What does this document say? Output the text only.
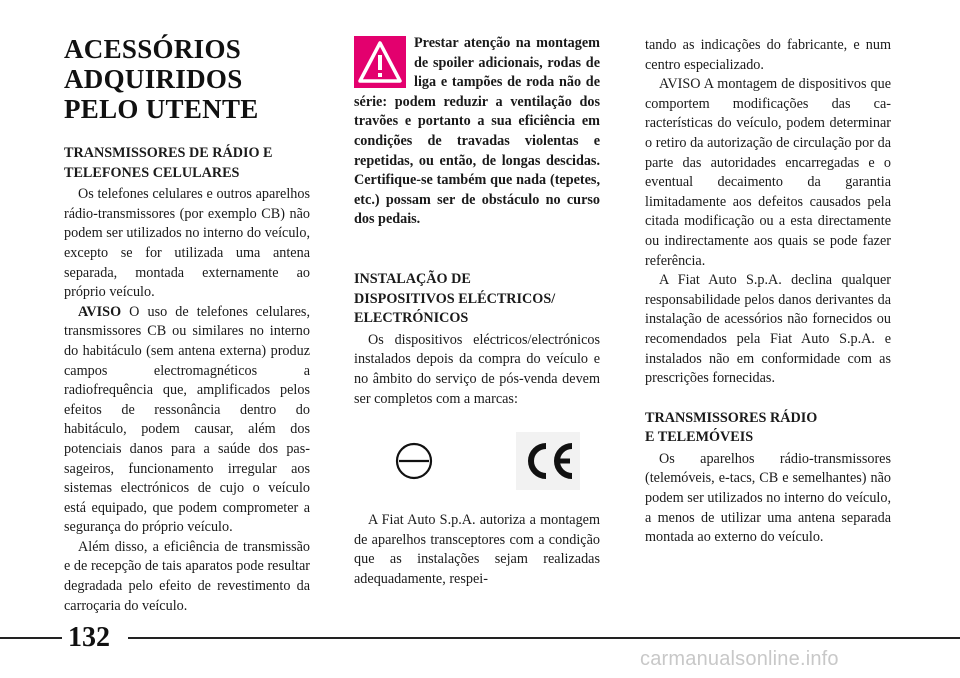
ACESSÓRIOS
ADQUIRIDOS
PELO UTENTE
TRANSMISSORES DE RÁDIO E
TELEFONES CELULARES

Os telefones celulares e outros aparelhos rádio-transmissores (por exemplo CB) não podem ser utilizados no interno do veículo, excepto se for utilizada uma antena separada, montada externamente ao próprio veículo.

AVISO O uso de telefones celulares, transmissores CB ou similares no interno do habitáculo (sem antena externa) produz campos electromagnéticos a radiofrequência que, amplificados pelos efeitos de ressonância dentro do habitáculo, podem causar, além dos potenciais danos para a saúde dos passageiros, funcionamento irregular aos sistemas electrónicos de cujo o veículo está equipado, que podem comprometer a segurança do próprio veículo.

Além disso, a eficiência de transmissão e de recepção de tais aparatos pode resultar degradada pelo efeito de revestimento da carroçaria do veículo.

Prestar atenção na montagem de spoiler adicionais, rodas de liga e tampões de roda não de série: podem reduzir a ventilação dos travões e portanto a sua eficiência em condições de travadas violentas e repetidas, ou então, de longas descidas. Certifique-se também que nada (tepetes, etc.) possam ser de obstáculo no curso dos pedais.

INSTALAÇÃO DE
DISPOSITIVOS ELÉCTRICOS/
ELECTRÓNICOS

Os dispositivos eléctricos/electrónicos instalados depois da compra do veículo e no âmbito do serviço de pós-venda devem ser completos com a marcas:

A Fiat Auto S.p.A. autoriza a montagem de aparelhos transceptores com a condição que as instalações sejam realizadas adequadamente, respei-

tando as indicações do fabricante, e num centro especializado.

AVISO A montagem de dispositivos que comportem modificações das características do veículo, podem determinar o retiro da autorização de circulação por da parte das autoridades encarregadas e o eventual decaimento da garantia limitadamente aos defeitos causados pela citada modificação ou a esta directamente ou indirectamente aos quais se pode fazer referência.

A Fiat Auto S.p.A. declina qualquer responsabilidade pelos danos derivantes da instalação de acessórios não fornecidos ou recomendados pela Fiat Auto S.p.A. e instalados não em conformidade com as prescrições fornecidas.

TRANSMISSORES RÁDIO
E TELEMÓVEIS

Os aparelhos rádio-transmissores (telemóveis, e-tacs, CB e semelhantes) não podem ser utilizados no interno do veículo, a menos de utilizar uma antena separada montada ao externo do veículo.

132
carmanualsonline.info
